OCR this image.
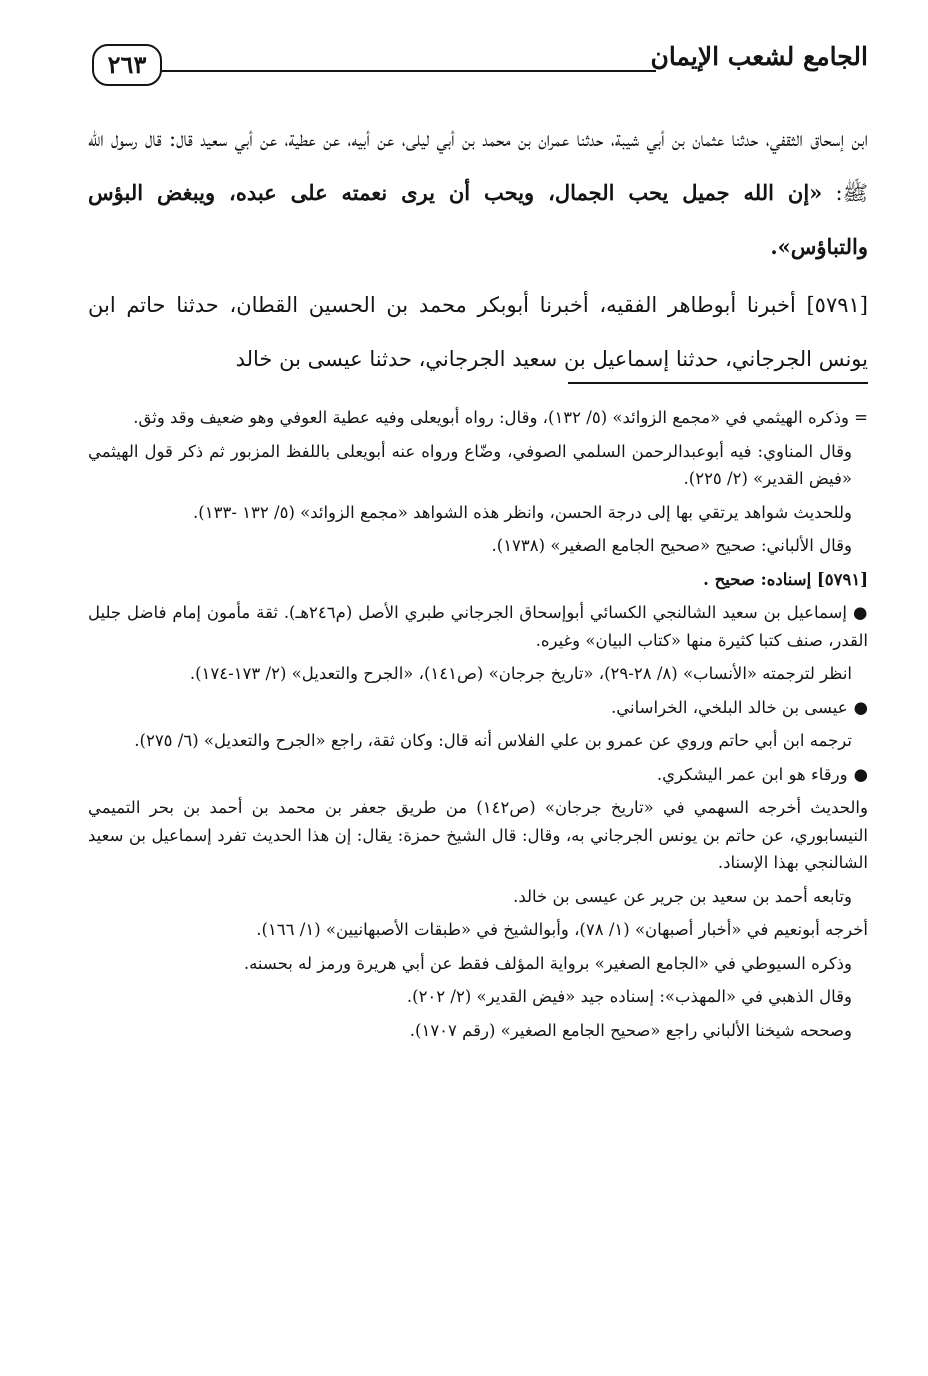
الجامع لشعب الإيمان
٢٦٣

ابن إسحاق الثقفي، حدثنا عثمان بن أبي شيبة، حدثنا عمران بن محمد بن أبي ليلى، عن أبيه، عن عطية، عن أبي سعيد قال: قال رسول الله ﷺ: «إن الله جميل يحب الجمال، ويحب أن يرى نعمته على عبده، ويبغض البؤس والتباؤس».

[٥٧٩١] أخبرنا أبوطاهر الفقيه، أخبرنا أبوبكر محمد بن الحسين القطان، حدثنا حاتم ابن يونس الجرجاني، حدثنا إسماعيل بن سعيد الجرجاني، حدثنا عيسى بن خالد

= وذكره الهيثمي في «مجمع الزوائد» (٥/ ١٣٢)، وقال: رواه أبويعلى وفيه عطية العوفي وهو ضعيف وقد وثق.

وقال المناوي: فيه أبوعبدالرحمن السلمي الصوفي، وضّاع ورواه عنه أبويعلى باللفظ المزبور ثم ذكر قول الهيثمي «فيض القدير» (٢/ ٢٢٥).

وللحديث شواهد يرتقي بها إلى درجة الحسن، وانظر هذه الشواهد «مجمع الزوائد» (٥/ ١٣٢ -١٣٣).

وقال الألباني: صحيح «صحيح الجامع الصغير» (١٧٣٨).

[٥٧٩١] إسناده: صحيح .

●إسماعيل بن سعيد الشالنجي الكسائي أبوإسحاق الجرجاني طبري الأصل (م٢٤٦هـ). ثقة مأمون إمام فاضل جليل القدر، صنف كتبا كثيرة منها «كتاب البيان» وغيره.

انظر لترجمته «الأنساب» (٨/ ٢٨-٢٩)، «تاريخ جرجان» (ص١٤١)، «الجرح والتعديل» (٢/ ١٧٣-١٧٤).

●عيسى بن خالد البلخي، الخراساني.

ترجمه ابن أبي حاتم وروي عن عمرو بن علي الفلاس أنه قال: وكان ثقة، راجع «الجرح والتعديل» (٦/ ٢٧٥).

●ورقاء هو ابن عمر اليشكري.

والحديث أخرجه السهمي في «تاريخ جرجان» (ص١٤٢) من طريق جعفر بن محمد بن أحمد بن بحر التميمي النيسابوري، عن حاتم بن يونس الجرجاني به، وقال: قال الشيخ حمزة: يقال: إن هذا الحديث تفرد إسماعيل بن سعيد الشالنجي بهذا الإسناد.

وتابعه أحمد بن سعيد بن جرير عن عيسى بن خالد.

أخرجه أبونعيم في «أخبار أصبهان» (١/ ٧٨)، وأبوالشيخ في «طبقات الأصبهانيين» (١/ ١٦٦).

وذكره السيوطي في «الجامع الصغير» برواية المؤلف فقط عن أبي هريرة ورمز له بحسنه.

وقال الذهبي في «المهذب»: إسناده جيد «فيض القدير» (٢/ ٢٠٢).

وصححه شيخنا الألباني راجع «صحيح الجامع الصغير» (رقم ١٧٠٧).
